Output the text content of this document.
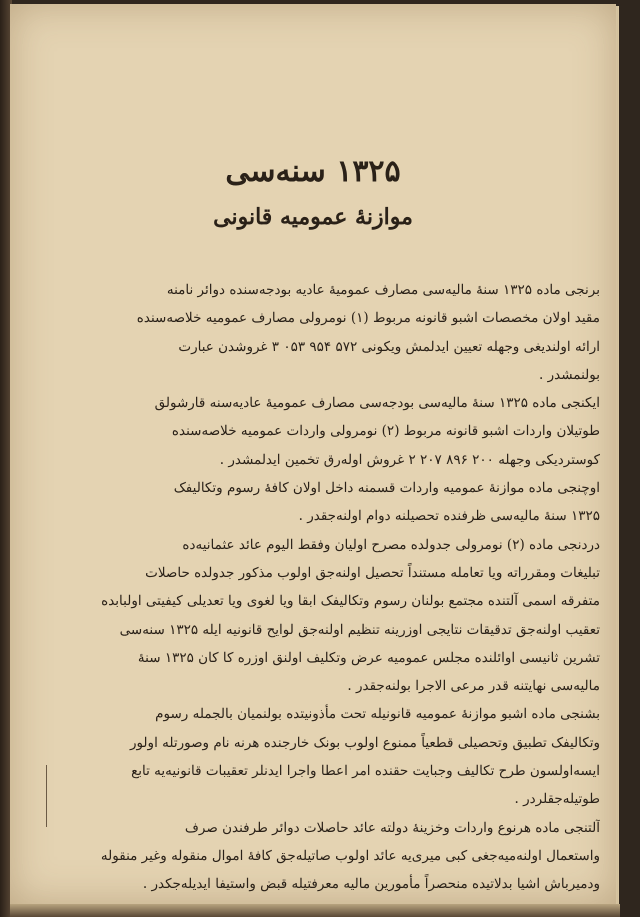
۱۳۲۵ سنه‌سی
موازنهٔ عمومیه قانونی
برنجی ماده ۱۳۲۵ سنهٔ مالیه‌سی مصارف عمومیهٔ عادیه بودجه‌سنده دوائر نامنه
مقید اولان مخصصات اشبو قانونه مربوط (۱) نومرولی مصارف عمومیه خلاصه‌سنده
ارائه اولندیغی وجهله تعیین ایدلمش ویکونی ۵۷۲ ۹۵۴ ۰۵۳ ۳ غروشدن عبارت
بولنمشدر .
ایکنجی ماده ۱۳۲۵ سنهٔ مالیه‌سی بودجه‌سی مصارف عمومیهٔ عادیه‌سنه قارشولق
طوتیلان واردات اشبو قانونه مربوط (۲) نومرولی واردات عمومیه خلاصه‌سنده
کوستردیکی وجهله ۲۰۰ ۸۹۶ ۲۰۷ ۲ غروش اوله‌رق تخمین ایدلمشدر .
اوچنجی ماده موازنهٔ عمومیه واردات قسمنه داخل اولان کافهٔ رسوم وتکالیفک
۱۳۲۵ سنهٔ مالیه‌سی ظرفنده تحصیلنه دوام اولنه‌جقدر .
دردنجی ماده (۲) نومرولی جدولده مصرح اولیان وفقط الیوم عائد عثمانیه‌ده
تبلیغات ومقرراته ویا تعامله مستنداً تحصیل اولنه‌جق اولوب مذکور جدولده حاصلات
متفرقه اسمی آلتنده مجتمع بولنان رسوم وتکالیفک ابقا ویا لغوی ویا تعدیلی کیفیتی اولبابده
تعقیب اولنه‌جق تدقیقات نتایجی اوزرینه تنظیم اولنه‌جق لوایح قانونیه ایله ۱۳۲۵ سنه‌سی
تشرین ثانیسی اوائلنده مجلس عمومیه عرض وتکلیف اولنق اوزره کا کان ۱۳۲۵ سنهٔ
مالیه‌سی نهایتنه قدر مرعی الاجرا بولنه‌جقدر .
بشنجی ماده اشبو موازنهٔ عمومیه قانونیله تحت مأذونیتده بولنمیان بالجمله رسوم
وتکالیفک تطبیق وتحصیلی قطعیاً ممنوع اولوب بونک خارجنده هرنه نام وصورتله اولور
ایسه‌اولسون طرح تکالیف وجبایت حقنده امر اعطا واجرا ایدنلر تعقیبات قانونیه‌یه تابع
طوتیله‌جقلردر .
آلتنجی ماده هرنوع واردات وخزینهٔ دولته عائد حاصلات دوائر طرفندن صرف
واستعمال اولنه‌میه‌جغی کبی میری‌یه عائد اولوب صاتیله‌جق کافهٔ اموال منقوله وغیر منقوله
ودمیرباش اشیا بدلاتیده منحصراً مأمورین مالیه معرفتیله قبض واستیفا ایدیله‌جکدر .
